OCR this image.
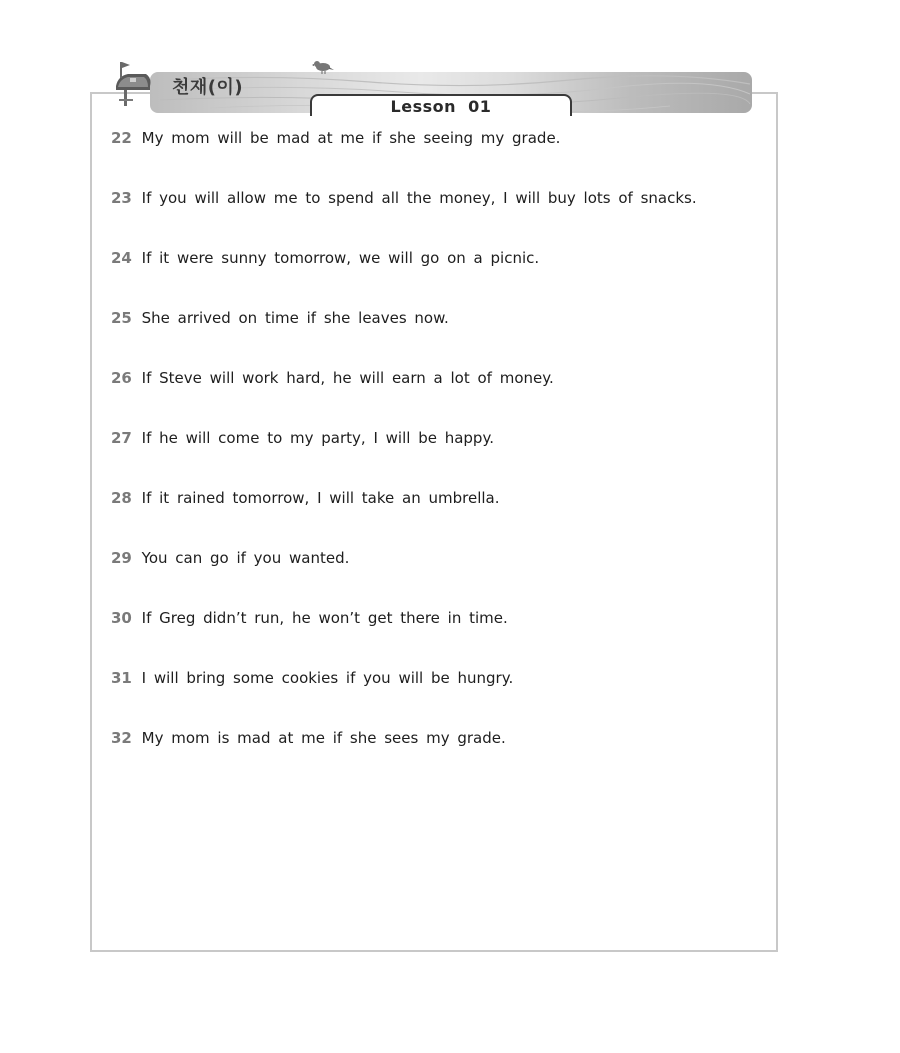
천재(이)
Lesson  01
22 My mom will be mad at me if she seeing my grade.
23 If you will allow me to spend all the money, I will buy lots of snacks.
24 If it were sunny tomorrow, we will go on a picnic.
25 She arrived on time if she leaves now.
26 If Steve will work hard, he will earn a lot of money.
27 If he will come to my party, I will be happy.
28 If it rained tomorrow, I will take an umbrella.
29 You can go if you wanted.
30 If Greg didn’t run, he won’t get there in time.
31 I will bring some cookies if you will be hungry.
32 My mom is mad at me if she sees my grade.
